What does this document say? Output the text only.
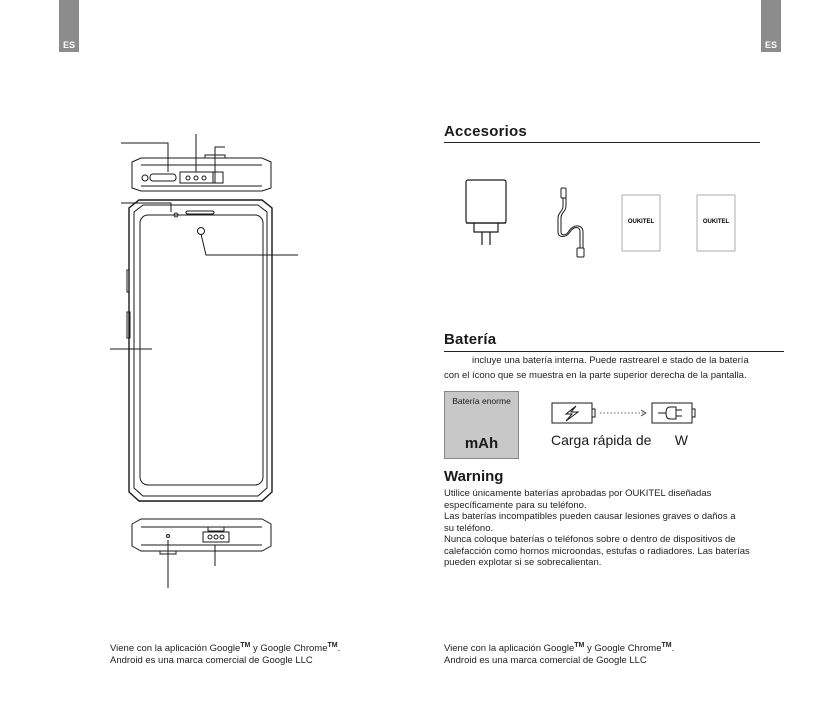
ES	ES
Accesorios
OUKITEL	OUKITEL
Batería
incluye una batería interna. Puede rastrearel e stado de la batería
con el ícono que se muestra en la parte superior derecha de la pantalla.
Batería enorme
mAh	Carga rápida de      W
Warning
Utilice únicamente baterías aprobadas por OUKITEL diseñadas
específicamente para su teléfono.
Las baterías incompatibles pueden causar lesiones graves o daños a
su teléfono.
Nunca coloque baterías o teléfonos sobre o dentro de dispositivos de
calefacción como hornos microondas, estufas o radiadores. Las baterías
pueden explotar si se sobrecalientan.
Viene con la aplicación Google™ y Google Chrome™.
Android es una marca comercial de Google LLC
Viene con la aplicación Google™ y Google Chrome™.
Android es una marca comercial de Google LLC
